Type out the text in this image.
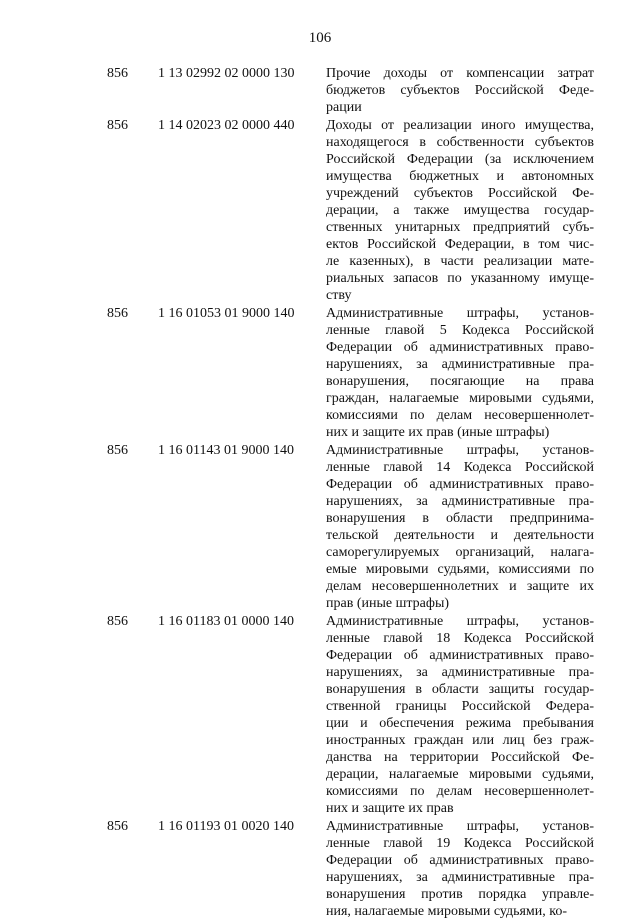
106
856 1 13 02992 02 0000 130 Прочие доходы от компенсации затрат
бюджетов субъектов Российской Феде-
рации
856 1 14 02023 02 0000 440 Доходы от реализации иного имущества,
находящегося в собственности субъектов
Российской Федерации (за исключением
имущества бюджетных и автономных
учреждений субъектов Российской Фе-
дерации, а также имущества государ-
ственных унитарных предприятий субъ-
ектов Российской Федерации, в том чис-
ле казенных), в части реализации мате-
риальных запасов по указанному имуще-
ству
856 1 16 01053 01 9000 140 Административные штрафы, установ-
ленные главой 5 Кодекса Российской
Федерации об административных право-
нарушениях, за административные пра-
вонарушения, посягающие на права
граждан, налагаемые мировыми судьями,
комиссиями по делам несовершеннолет-
них и защите их прав (иные штрафы)
856 1 16 01143 01 9000 140 Административные штрафы, установ-
ленные главой 14 Кодекса Российской
Федерации об административных право-
нарушениях, за административные пра-
вонарушения в области предпринима-
тельской деятельности и деятельности
саморегулируемых организаций, налага-
емые мировыми судьями, комиссиями по
делам несовершеннолетних и защите их
прав (иные штрафы)
856 1 16 01183 01 0000 140 Административные штрафы, установ-
ленные главой 18 Кодекса Российской
Федерации об административных право-
нарушениях, за административные пра-
вонарушения в области защиты государ-
ственной границы Российской Федера-
ции и обеспечения режима пребывания
иностранных граждан или лиц без граж-
данства на территории Российской Фе-
дерации, налагаемые мировыми судьями,
комиссиями по делам несовершеннолет-
них и защите их прав
856 1 16 01193 01 0020 140 Административные штрафы, установ-
ленные главой 19 Кодекса Российской
Федерации об административных право-
нарушениях, за административные пра-
вонарушения против порядка управле-
ния, налагаемые мировыми судьями, ко-
